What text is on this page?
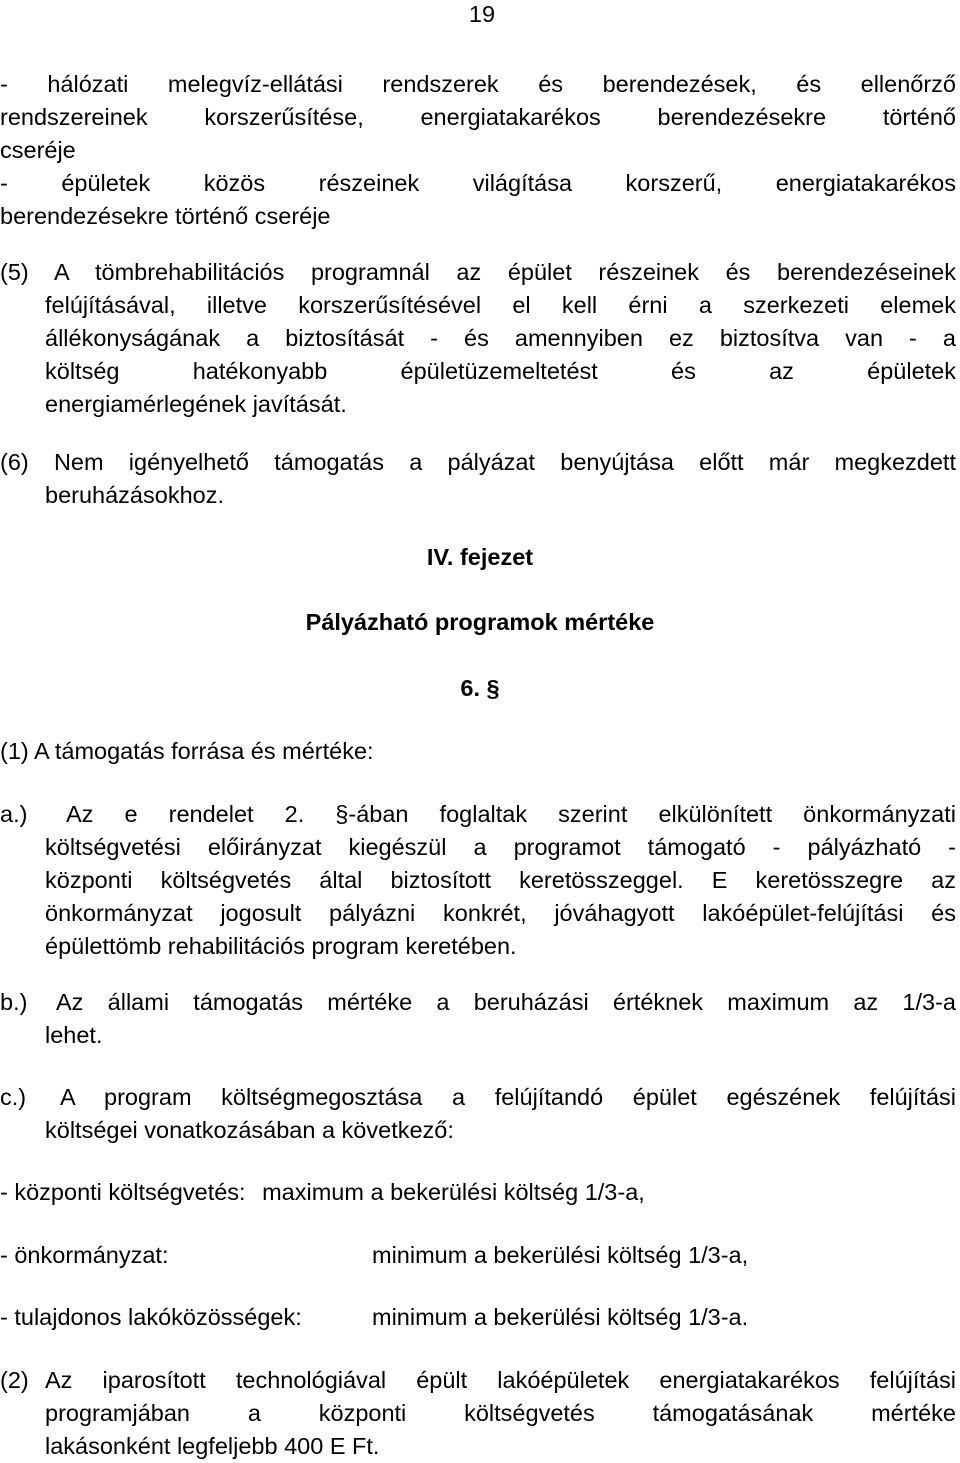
19
- hálózati melegvíz-ellátási rendszerek és berendezések, és ellenőrző
rendszereinek korszerűsítése, energiatakarékos berendezésekre történő
cseréje
- épületek közös részeinek világítása korszerű, energiatakarékos
berendezésekre történő cseréje
(5) A tömbrehabilitációs programnál az épület részeinek és berendezéseinek
felújításával, illetve korszerűsítésével el kell érni a szerkezeti elemek
állékonyságának a biztosítását - és amennyiben ez biztosítva van - a
költség hatékonyabb épületüzemeltetést és az épületek
energiamérlegének javítását.
(6) Nem igényelhető támogatás a pályázat benyújtása előtt már megkezdett
beruházásokhoz.
IV. fejezet
Pályázható programok mértéke
6. §
(1) A támogatás forrása és mértéke:
a.) Az e rendelet 2. §-ában foglaltak szerint elkülönített önkormányzati
költségvetési előirányzat kiegészül a programot támogató - pályázható -
központi költségvetés által biztosított keretösszeggel. E keretösszegre az
önkormányzat jogosult pályázni konkrét, jóváhagyott lakóépület-felújítási és
épülettömb rehabilitációs program keretében.
b.) Az állami támogatás mértéke a beruházási értéknek maximum az 1/3-a
lehet.
c.) A program költségmegosztása a felújítandó épület egészének felújítási
költségei vonatkozásában a következő:
- központi költségvetés: maximum a bekerülési költség 1/3-a,
- önkormányzat:	minimum a bekerülési költség 1/3-a,
- tulajdonos lakóközösségek:	minimum a bekerülési költség 1/3-a.
(2) Az iparosított technológiával épült lakóépületek energiatakarékos felújítási
programjában a központi költségvetés támogatásának mértéke
lakásonként legfeljebb 400 E Ft.
